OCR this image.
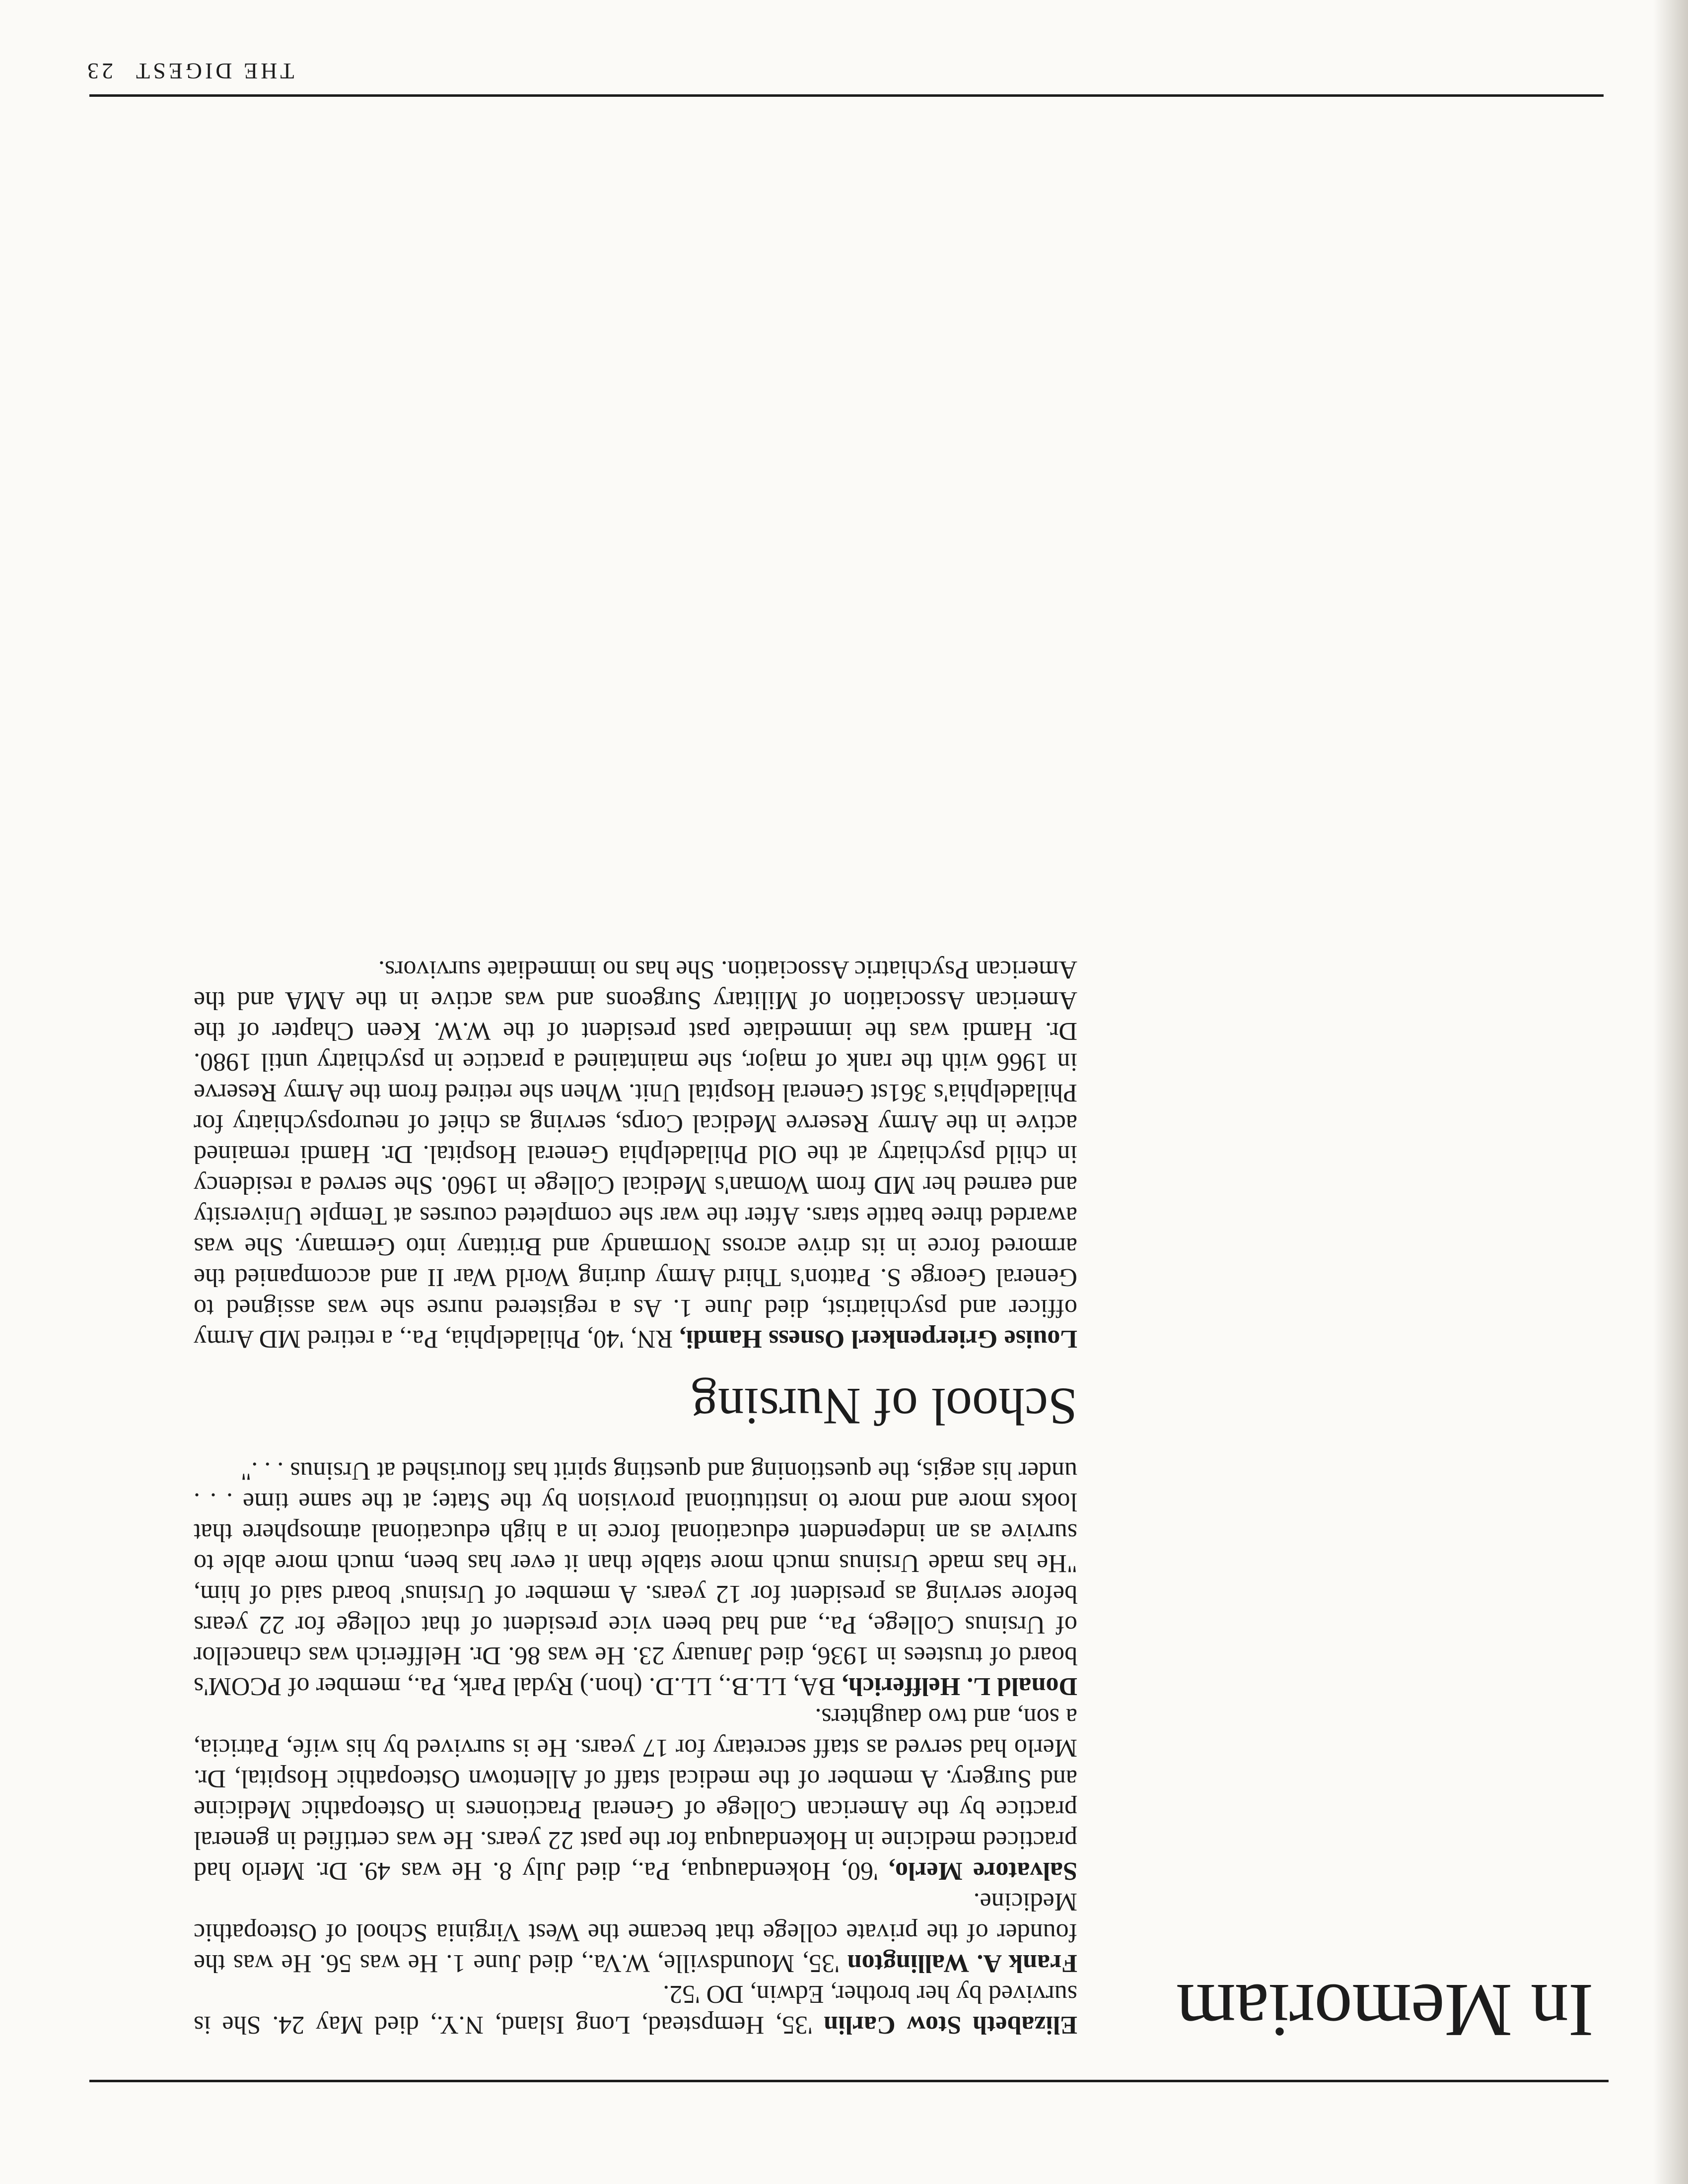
THE DIGEST23
In Memoriam

Elizabeth Stow Carlin '35, Hempstead, Long Island, N.Y., died May 24. She is survived by her brother, Edwin, DO '52.

Frank A. Wallington '35, Moundsville, W.Va., died June 1. He was 56. He was the founder of the private college that became the West Virginia School of Osteopathic Medicine.

Salvatore Merlo, '60, Hokendauqua, Pa., died July 8. He was 49. Dr. Merlo had practiced medicine in Hokendauqua for the past 22 years. He was certified in general practice by the American College of General Practioners in Osteopathic Medicine and Surgery. A member of the medical staff of Allentown Osteopathic Hospital, Dr. Merlo had served as staff secretary for 17 years. He is survived by his wife, Patricia, a son, and two daughters.

Donald L. Helfferich, BA, LL.B., LL.D. (hon.) Rydal Park, Pa., member of PCOM's board of trustees in 1936, died January 23. He was 86. Dr. Helfferich was chancellor of Ursinus College, Pa., and had been vice president of that college for 22 years before serving as president for 12 years. A member of Ursinus' board said of him, "He has made Ursinus much more stable than it ever has been, much more able to survive as an independent educational force in a high educational atmosphere that looks more and more to institutional provision by the State; at the same time . . . under his aegis, the questioning and questing spirit has flourished at Ursinus . . ."

School of Nursing

Louise Grierpenkerl Osness Hamdi, RN, '40, Philadelphia, Pa., a retired MD Army officer and psychiatrist, died June 1. As a registered nurse she was assigned to General George S. Patton's Third Army during World War II and accompanied the armored force in its drive across Normandy and Brittany into Germany. She was awarded three battle stars. After the war she completed courses at Temple University and earned her MD from Woman's Medical College in 1960. She served a residency in child psychiatry at the Old Philadelphia General Hospital. Dr. Hamdi remained active in the Army Reserve Medical Corps, serving as chief of neuropsychiatry for Philadelphia's 361st General Hospital Unit. When she retired from the Army Reserve in 1966 with the rank of major, she maintained a practice in psychiatry until 1980. Dr. Hamdi was the immediate past president of the W.W. Keen Chapter of the American Association of Military Surgeons and was active in the AMA and the American Psychiatric Association. She has no immediate survivors.
